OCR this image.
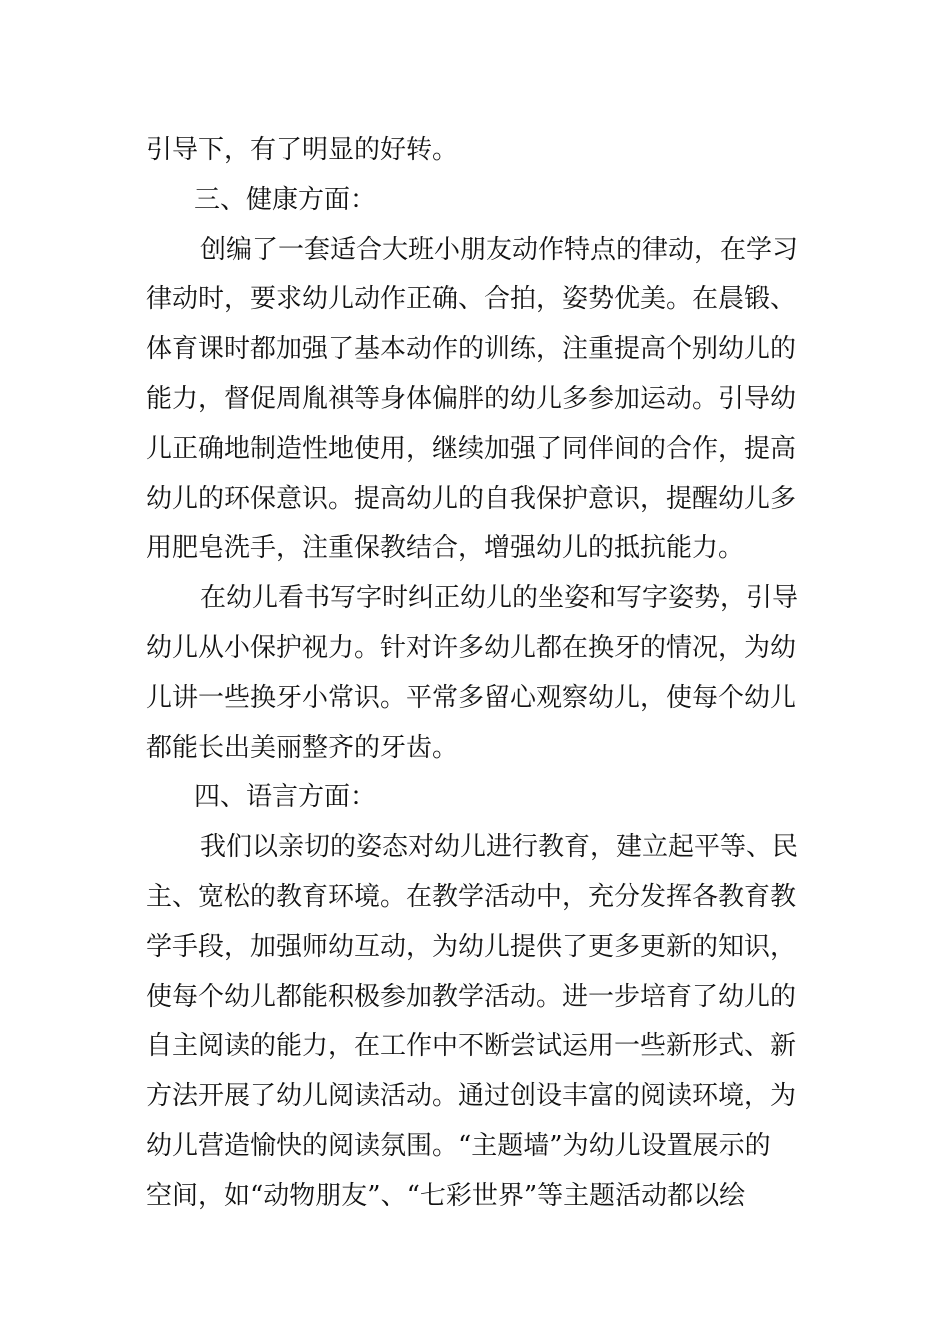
引导下，有了明显的好转。
三、健康方面：
创编了一套适合大班小朋友动作特点的律动，在学习
律动时，要求幼儿动作正确、合拍，姿势优美。在晨锻、
体育课时都加强了基本动作的训练，注重提高个别幼儿的
能力，督促周胤祺等身体偏胖的幼儿多参加运动。引导幼
儿正确地制造性地使用，继续加强了同伴间的合作，提高
幼儿的环保意识。提高幼儿的自我保护意识，提醒幼儿多
用肥皂洗手，注重保教结合，增强幼儿的抵抗能力。
在幼儿看书写字时纠正幼儿的坐姿和写字姿势，引导
幼儿从小保护视力。针对许多幼儿都在换牙的情况，为幼
儿讲一些换牙小常识。平常多留心观察幼儿，使每个幼儿
都能长出美丽整齐的牙齿。
四、语言方面：
我们以亲切的姿态对幼儿进行教育，建立起平等、民
主、宽松的教育环境。在教学活动中，充分发挥各教育教
学手段，加强师幼互动，为幼儿提供了更多更新的知识，
使每个幼儿都能积极参加教学活动。进一步培育了幼儿的
自主阅读的能力，在工作中不断尝试运用一些新形式、新
方法开展了幼儿阅读活动。通过创设丰富的阅读环境，为
幼儿营造愉快的阅读氛围。“主题墙”为幼儿设置展示的
空间，如“动物朋友”、“七彩世界”等主题活动都以绘
